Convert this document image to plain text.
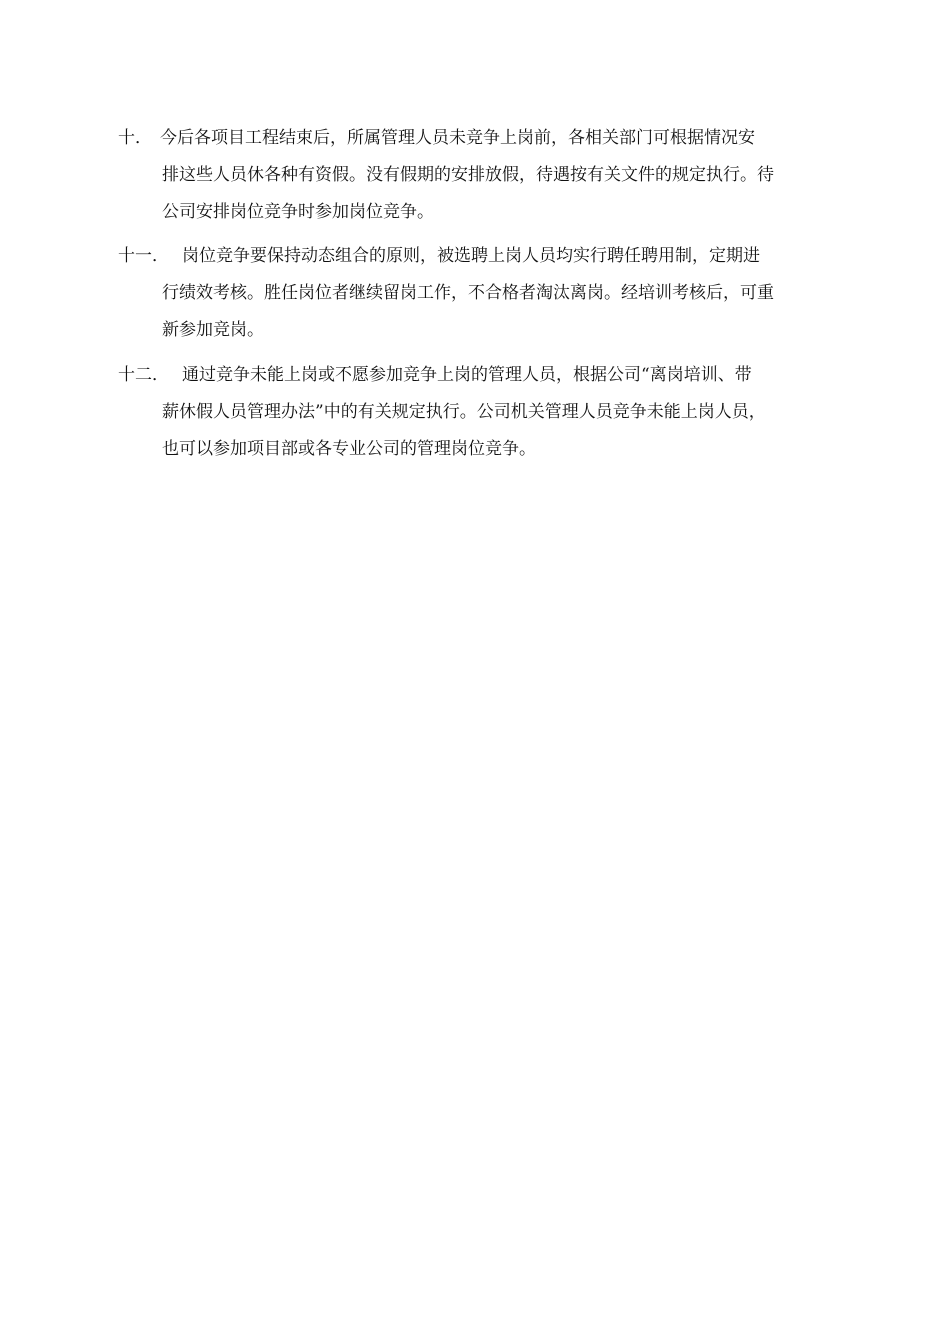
十． 今后各项目工程结束后，所属管理人员未竞争上岗前，各相关部门可根据情况安
排这些人员休各种有资假。没有假期的安排放假，待遇按有关文件的规定执行。待
公司安排岗位竞争时参加岗位竞争。
十一． 岗位竞争要保持动态组合的原则，被选聘上岗人员均实行聘任聘用制，定期进
行绩效考核。胜任岗位者继续留岗工作，不合格者淘汰离岗。经培训考核后，可重
新参加竞岗。
十二． 通过竞争未能上岗或不愿参加竞争上岗的管理人员，根据公司“离岗培训、带
薪休假人员管理办法”中的有关规定执行。公司机关管理人员竞争未能上岗人员，
也可以参加项目部或各专业公司的管理岗位竞争。
